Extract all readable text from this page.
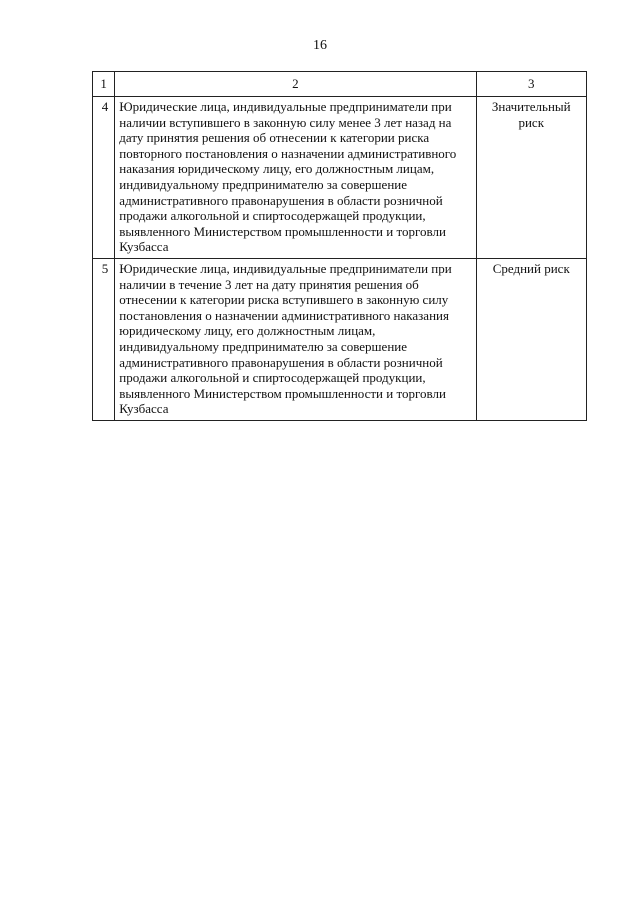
16
1	2	3
4	Юридические лица, индивидуальные предприниматели при наличии вступившего в законную силу менее 3 лет назад на дату принятия решения об отнесении к категории риска повторного постановления о назначении административного наказания юридическому лицу, его должностным лицам, индивидуальному предпринимателю за совершение административного правонарушения в области розничной продажи алкогольной и спиртосодержащей продукции, выявленного Министерством промышленности и торговли Кузбасса	Значительный риск
5	Юридические лица, индивидуальные предприниматели при наличии в течение 3 лет на дату принятия решения об отнесении к категории риска вступившего в законную силу постановления о назначении административного наказания юридическому лицу, его должностным лицам, индивидуальному предпринимателю за совершение административного правонарушения в области розничной продажи алкогольной и спиртосодержащей продукции, выявленного Министерством промышленности и торговли Кузбасса	Средний риск
